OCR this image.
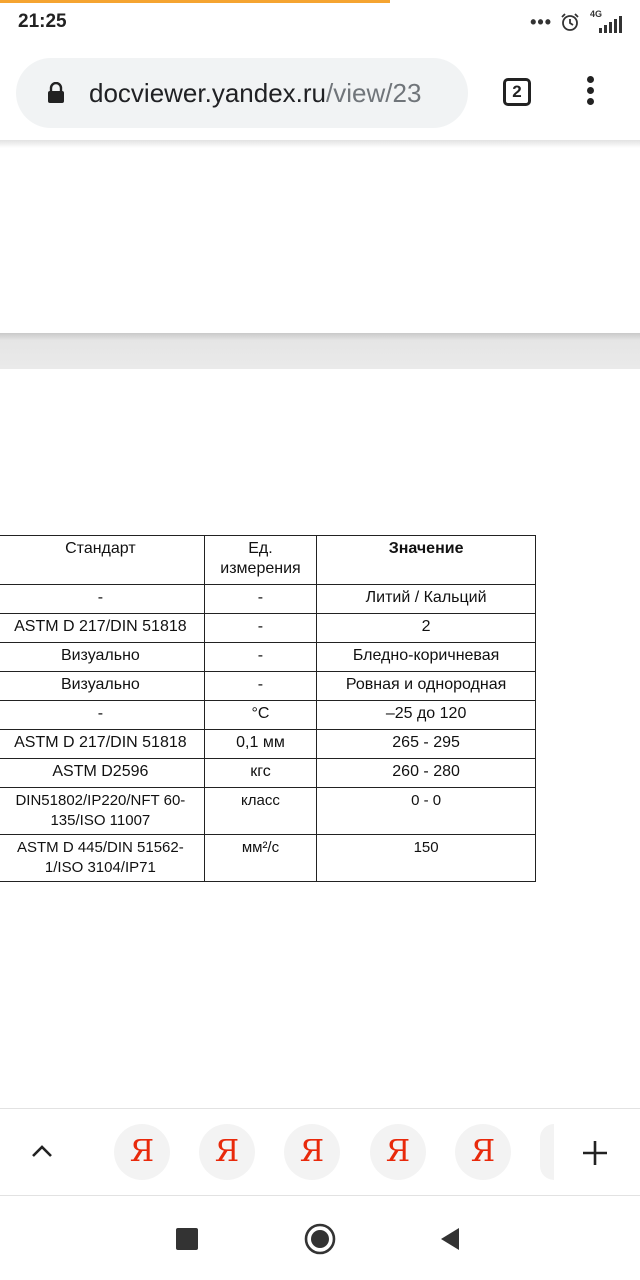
21:25	•••	4G
docviewer.yandex.ru/view/23	2
Стандарт	Ед. измерения	Значение
-	-	Литий / Кальций
ASTM D 217/DIN 51818	-	2
Визуально	-	Бледно-коричневая
Визуально	-	Ровная и однородная
-	°C	–25 до 120
ASTM D 217/DIN 51818	0,1 мм	265 - 295
ASTM D2596	кгс	260 - 280
DIN51802/IP220/NFT 60-135/ISO 11007	класс	0 - 0
ASTM D 445/DIN 51562-1/ISO 3104/IP71	мм²/с	150
Я	Я	Я	Я	Я
